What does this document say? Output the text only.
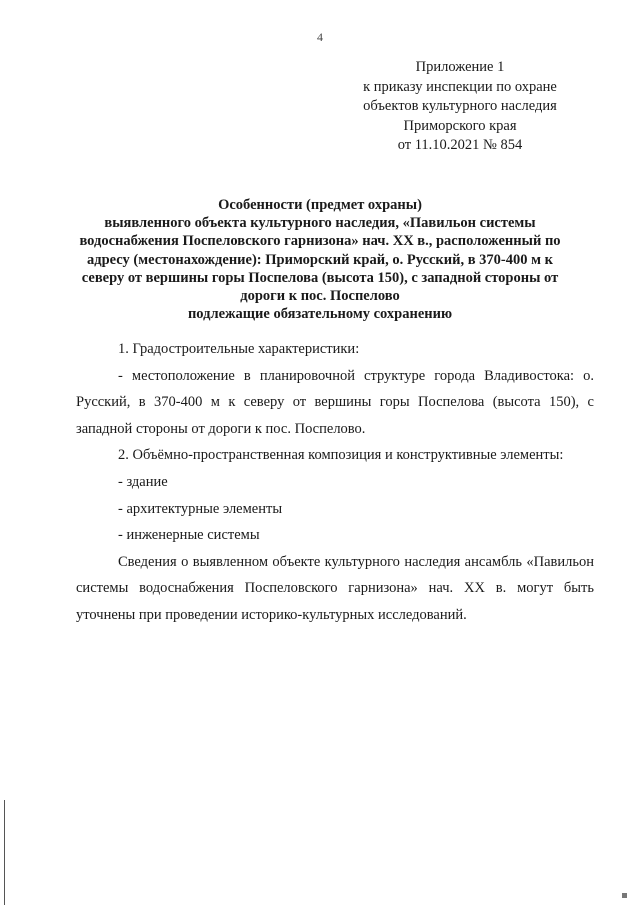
4
Приложение 1
к приказу инспекции по охране
объектов культурного наследия
Приморского края
от 11.10.2021 № 854
Особенности (предмет охраны)
выявленного объекта культурного наследия, «Павильон системы
водоснабжения Поспеловского гарнизона» нач. XX в., расположенный по
адресу (местонахождение): Приморский край, о. Русский, в 370-400 м к
северу от вершины горы Поспелова (высота 150), с западной стороны от
дороги к пос. Поспелово
подлежащие обязательному сохранению
1. Градостроительные характеристики:
- местоположение в планировочной структуре города Владивостока: о. Русский, в 370-400 м к северу от вершины горы Поспелова (высота 150), с западной стороны от дороги к пос. Поспелово.
2. Объёмно-пространственная композиция и конструктивные элементы:
- здание
- архитектурные элементы
- инженерные системы
Сведения о выявленном объекте культурного наследия ансамбль «Павильон системы водоснабжения Поспеловского гарнизона» нач. XX в. могут быть уточнены при проведении историко-культурных исследований.
